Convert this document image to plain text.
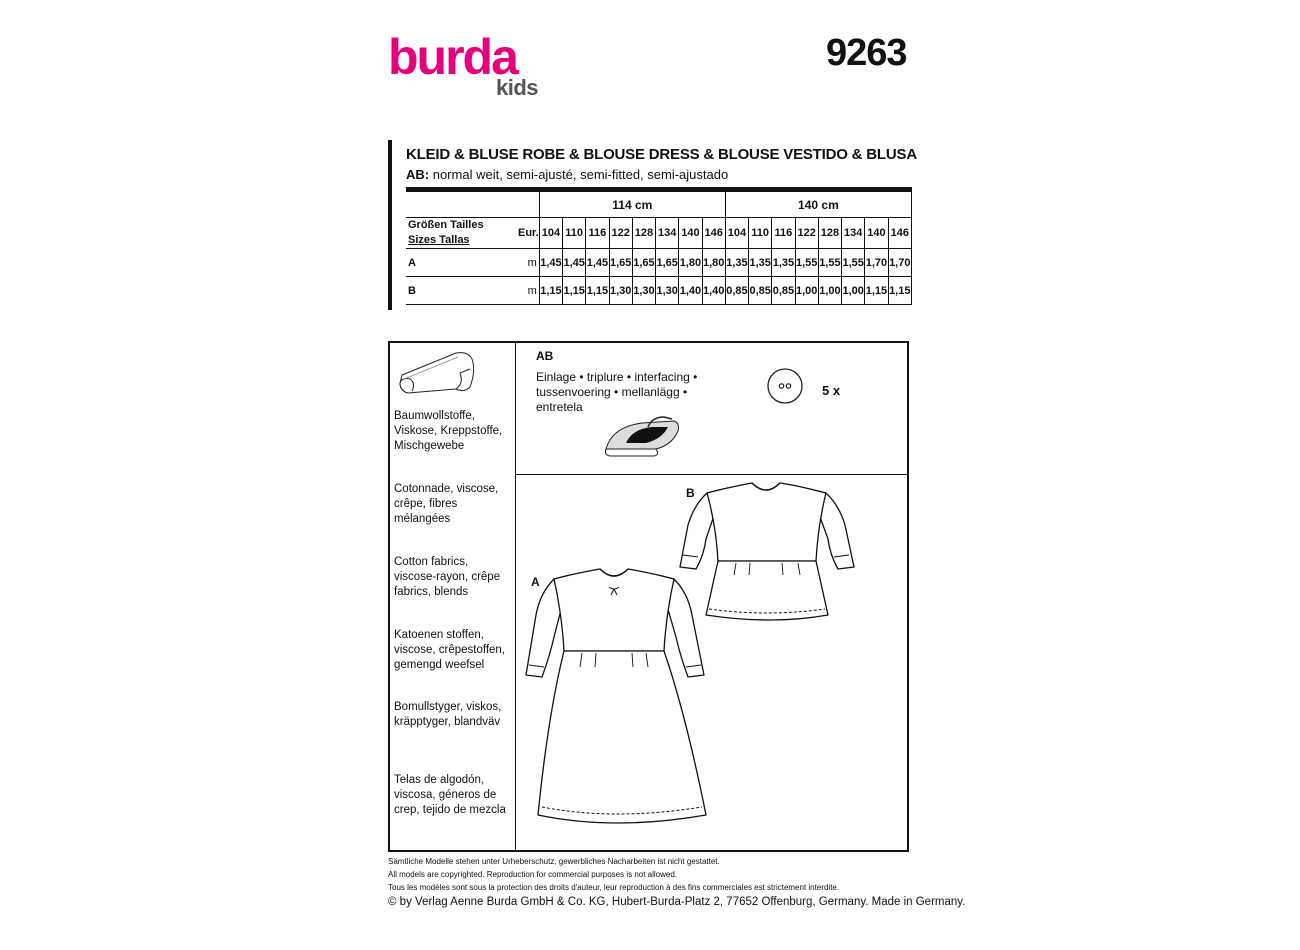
burda
kids
9263
KLEID & BLUSE ROBE & BLOUSE DRESS & BLOUSE VESTIDO & BLUSA
AB: normal weit, semi-ajusté, semi-fitted, semi-ajustado
		114 cm								140 cm							

Größen Tailles
Sizes Tallas	Eur.	104	110	116	122	128	134	140	146	104	110	116	122	128	134	140	146
A	m	1,45	1,45	1,45	1,65	1,65	1,65	1,80	1,80	1,35	1,35	1,35	1,55	1,55	1,55	1,70	1,70
B	m	1,15	1,15	1,15	1,30	1,30	1,30	1,40	1,40	0,85	0,85	0,85	1,00	1,00	1,00	1,15	1,15
Baumwollstoffe, Viskose, Kreppstoffe, Mischgewebe
Cotonnade, viscose, crêpe, fibres mélangées
Cotton fabrics, viscose-rayon, crêpe fabrics, blends
Katoenen stoffen, viscose, crêpestoffen, gemengd weefsel
Bomullstyger, viskos, kräpptyger, blandväv
Telas de algodón, viscosa, géneros de crep, tejido de mezcla
AB
Einlage • triplure • interfacing • tussenvoering • mellanlägg • entretela
5 x
B
A
Sämtliche Modelle stehen unter Urheberschutz, gewerbliches Nacharbeiten ist nicht gestattet.
All models are copyrighted. Reproduction for commercial purposes is not allowed.
Tous les modèles sont sous la protection des droits d'auteur, leur reproduction à des fins commerciales est strictement interdite.
© by Verlag Aenne Burda GmbH & Co. KG, Hubert-Burda-Platz 2, 77652 Offenburg, Germany. Made in Germany.
